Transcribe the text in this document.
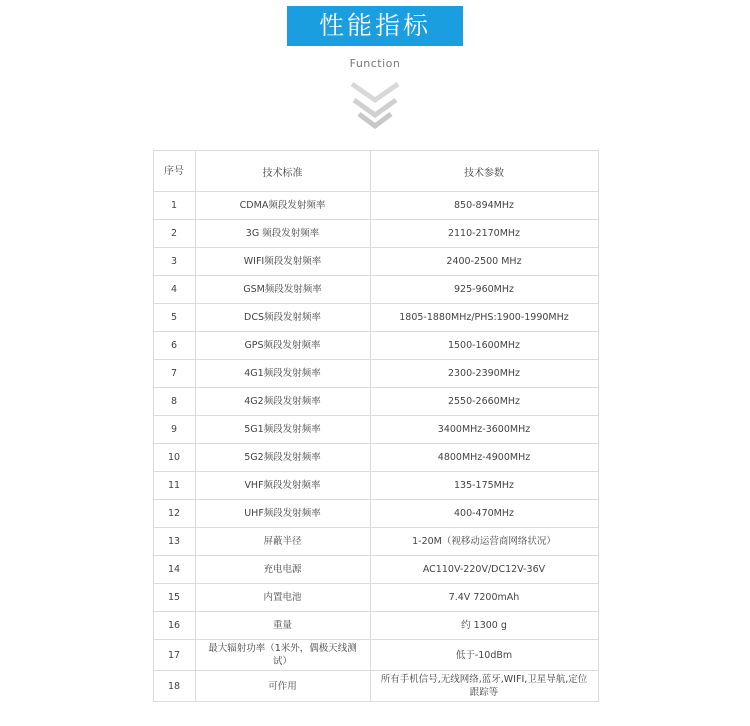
性能指标
Function
序号	技术标准	技术参数
1	CDMA频段发射频率	850-894MHz
2	3G 频段发射频率	2110-2170MHz
3	WIFI频段发射频率	2400-2500 MHz
4	GSM频段发射频率	925-960MHz
5	DCS频段发射频率	1805-1880MHz/PHS:1900-1990MHz
6	GPS频段发射频率	1500-1600MHz
7	4G1频段发射频率	2300-2390MHz
8	4G2频段发射频率	2550-2660MHz
9	5G1频段发射频率	3400MHz-3600MHz
10	5G2频段发射频率	4800MHz-4900MHz
11	VHF频段发射频率	135-175MHz
12	UHF频段发射频率	400-470MHz
13	屏蔽半径	1-20M（视移动运营商网络状况）
14	充电电源	AC110V-220V/DC12V-36V
15	内置电池	7.4V 7200mAh
16	重量	约 1300 g
17	最大辐射功率（1米外，偶极天线测试）	低于-10dBm
18	可作用	所有手机信号,无线网络,蓝牙,WIFI,卫星导航,定位跟踪等
